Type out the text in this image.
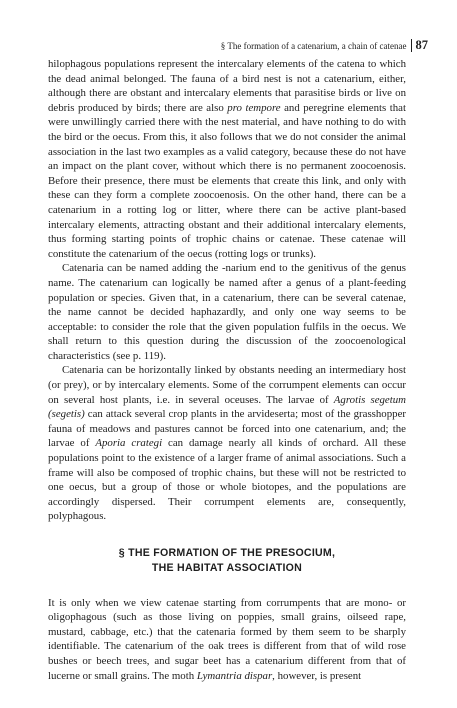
§ The formation of a catenarium, a chain of catenae 87

hilophagous populations represent the intercalary elements of the catena to which the dead animal belonged. The fauna of a bird nest is not a catenarium, either, although there are obstant and intercalary elements that parasitise birds or live on debris produced by birds; there are also pro tempore and peregrine elements that were unwillingly carried there with the nest material, and have nothing to do with the bird or the oecus. From this, it also follows that we do not consider the animal association in the last two examples as a valid category, because these do not have an impact on the plant cover, without which there is no permanent zoocoenosis. Before their presence, there must be elements that create this link, and only with these can they form a complete zoocoenosis. On the other hand, there can be a catenarium in a rotting log or litter, where there can be active plant-based intercalary elements, attracting obstant and their additional intercalary elements, thus forming starting points of trophic chains or catenae. These catenae will constitute the catenarium of the oecus (rotting logs or trunks).

Catenaria can be named adding the -narium end to the genitivus of the genus name. The catenarium can logically be named after a genus of a plant-feeding population or species. Given that, in a catenarium, there can be several catenae, the name cannot be decided haphazardly, and only one way seems to be acceptable: to consider the role that the given population fulfils in the oecus. We shall return to this question during the discussion of the zoocoenological characteristics (see p. 119).

Catenaria can be horizontally linked by obstants needing an intermediary host (or prey), or by intercalary elements. Some of the corrumpent elements can occur on several host plants, i.e. in several oceuses. The larvae of Agrotis segetum (segetis) can attack several crop plants in the arvideserta; most of the grasshopper fauna of meadows and pastures cannot be forced into one catenarium, and; the larvae of Aporia crategi can damage nearly all kinds of orchard. All these populations point to the existence of a larger frame of animal associations. Such a frame will also be composed of trophic chains, but these will not be restricted to one oecus, but a group of those or whole biotopes, and the populations are accordingly dispersed. Their corrumpent elements are, consequently, polyphagous.

§ THE FORMATION OF THE PRESOCIUM,
THE HABITAT ASSOCIATION

It is only when we view catenae starting from corrumpents that are mono- or oligophagous (such as those living on poppies, small grains, oilseed rape, mustard, cabbage, etc.) that the catenaria formed by them seem to be sharply identifiable. The catenarium of the oak trees is different from that of wild rose bushes or beech trees, and sugar beet has a catenarium different from that of lucerne or small grains. The moth Lymantria dispar, however, is present
